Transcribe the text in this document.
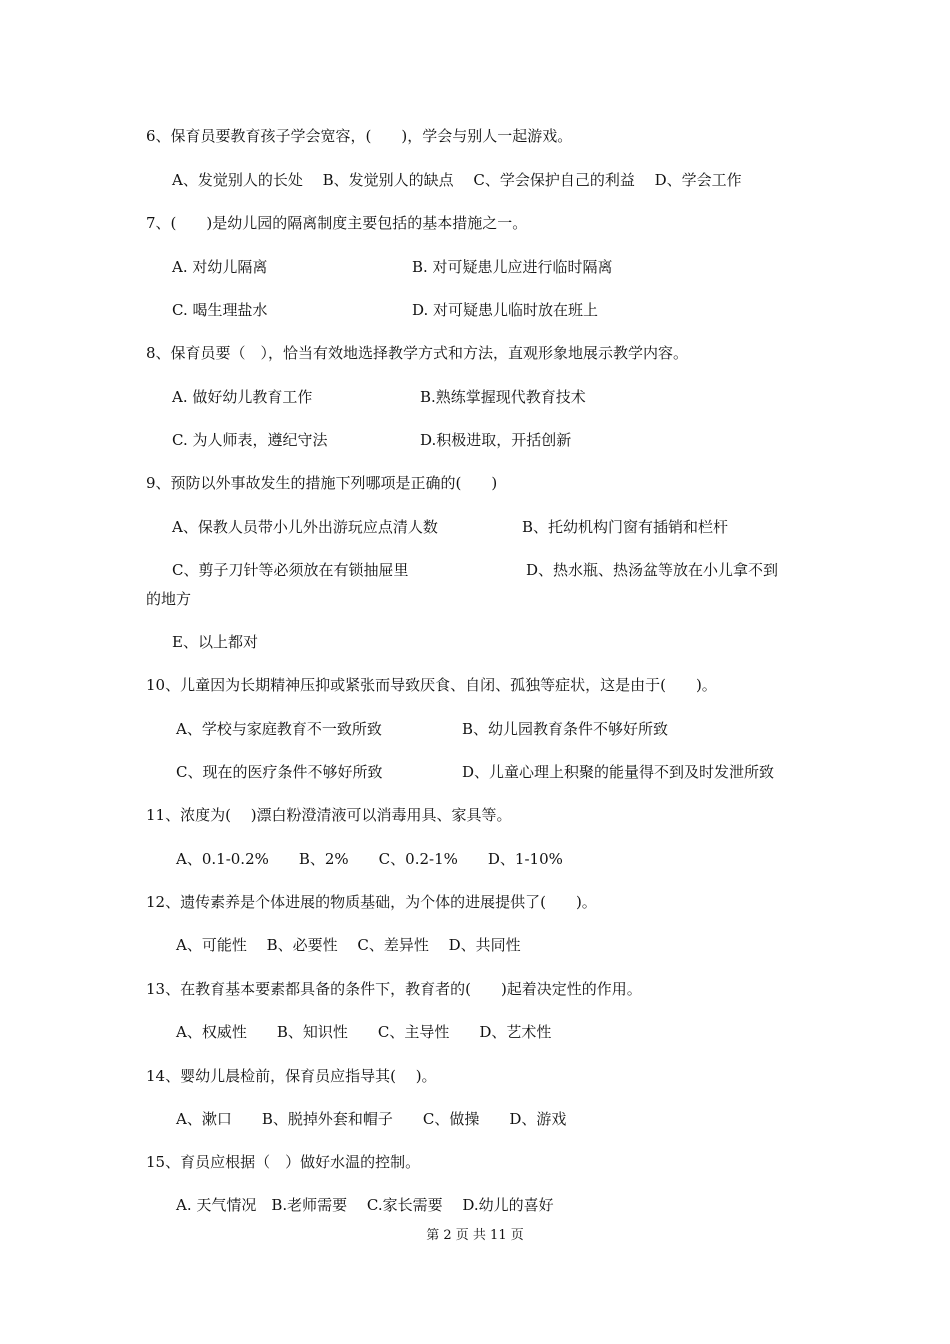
6、保育员要教育孩子学会宽容，(　　)，学会与别人一起游戏。
A、发觉别人的长处　 B、发觉别人的缺点　 C、学会保护自己的利益　 D、学会工作
7、(　　)是幼儿园的隔离制度主要包括的基本措施之一。
A. 对幼儿隔离	B. 对可疑患儿应进行临时隔离
C. 喝生理盐水	D. 对可疑患儿临时放在班上
8、保育员要（　），恰当有效地选择教学方式和方法，直观形象地展示教学内容。
A. 做好幼儿教育工作	B.熟练掌握现代教育技术
C. 为人师表，遵纪守法	D.积极进取，开括创新
9、预防以外事故发生的措施下列哪项是正确的(　　)
A、保教人员带小儿外出游玩应点清人数	B、托幼机构门窗有插销和栏杆
C、剪子刀针等必须放在有锁抽屉里	D、热水瓶、热汤盆等放在小儿拿不到
的地方
E、以上都对
10、儿童因为长期精神压抑或紧张而导致厌食、自闭、孤独等症状，这是由于(　　)。
A、学校与家庭教育不一致所致	B、幼儿园教育条件不够好所致
C、现在的医疗条件不够好所致	D、儿童心理上积聚的能量得不到及时发泄所致
11、浓度为(　 )漂白粉澄清液可以消毒用具、家具等。
A、0.1-0.2%　　B、2%　　C、0.2-1%　　D、1-10%
12、遗传素养是个体进展的物质基础，为个体的进展提供了(　　)。
A、可能性　 B、必要性　 C、差异性　 D、共同性
13、在教育基本要素都具备的条件下，教育者的(　　)起着决定性的作用。
A、权威性　　B、知识性　　C、主导性　　D、艺术性
14、婴幼儿晨检前，保育员应指导其(　 )。
A、漱口　　B、脱掉外套和帽子　　C、做操　　D、游戏
15、育员应根据（　）做好水温的控制。
A. 天气情况　B.老师需要　 C.家长需要　 D.幼儿的喜好
第 2 页 共 11 页
